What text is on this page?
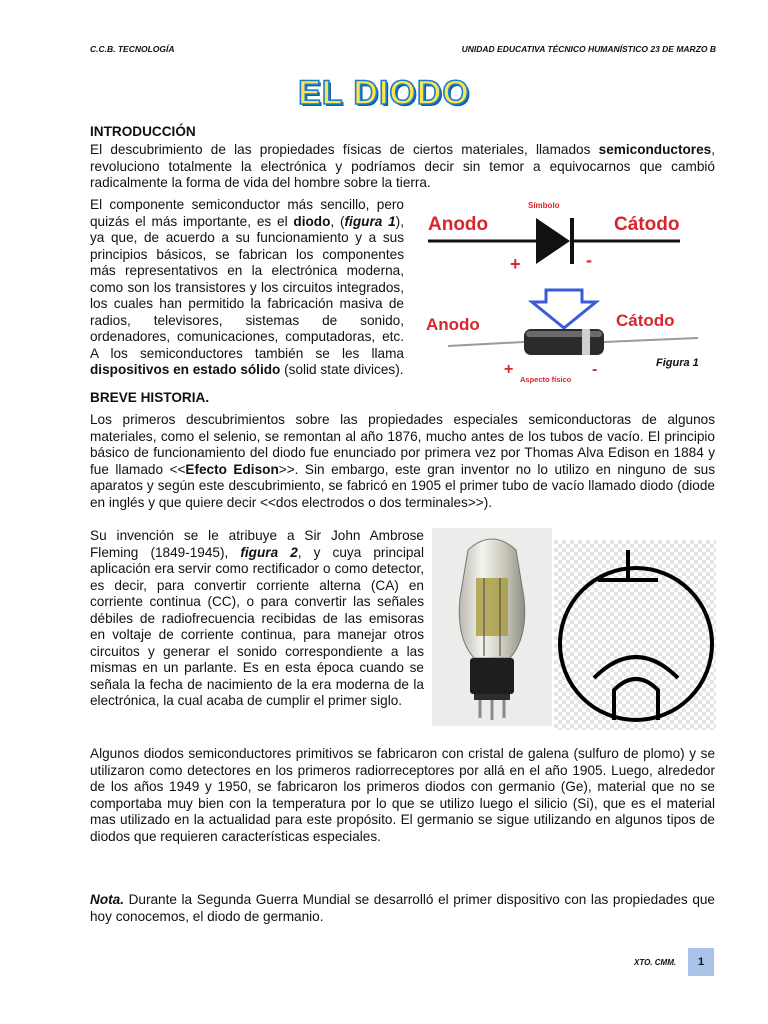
C.C.B. TECNOLOGÍA	UNIDAD EDUCATIVA TÉCNICO HUMANÍSTICO 23 DE MARZO B
EL DIODO
INTRODUCCIÓN

El descubrimiento de las propiedades físicas de ciertos materiales, llamados semiconductores, revoluciono totalmente la electrónica y podríamos decir sin temor a equivocarnos que cambió radicalmente la forma de vida del hombre sobre la tierra.

El componente semiconductor más sencillo, pero quizás el más importante, es el diodo, (figura 1), ya que, de acuerdo a su funcionamiento y a sus principios básicos, se fabrican los componentes más representativos en la electrónica moderna, como son los transistores y los circuitos integrados, los cuales han permitido la fabricación masiva de radios, televisores, sistemas de sonido, ordenadores, comunicaciones, computadoras, etc. A los semiconductores también se les llama dispositivos en estado sólido (solid state divices).

Símbolo
Anodo	Cátodo
+	-
Anodo	Cátodo
+
Aspecto físico
-	Figura 1
BREVE HISTORIA.

Los primeros descubrimientos sobre las propiedades especiales semiconductoras de algunos materiales, como el selenio, se remontan al año 1876, mucho antes de los tubos de vacío. El principio básico de funcionamiento del diodo fue enunciado por primera vez por Thomas Alva Edison en 1884 y fue llamado <<Efecto Edison>>. Sin embargo, este gran inventor no lo utilizo en ninguno de sus aparatos y según este descubrimiento, se fabricó en 1905 el primer tubo de vacío llamado diodo (diode en inglés y que quiere decir <<dos electrodos o dos terminales>>).

Su invención se le atribuye a Sir John Ambrose Fleming (1849-1945), figura 2, y cuya principal aplicación era servir como rectificador o como detector, es decir, para convertir corriente alterna (CA) en corriente continua (CC), o para convertir las señales débiles de radiofrecuencia recibidas de las emisoras en voltaje de corriente continua, para manejar otros circuitos y generar el sonido correspondiente a las mismas en un parlante. Es en esta época cuando se señala la fecha de nacimiento de la era moderna de la electrónica, la cual acaba de cumplir el primer siglo.

Algunos diodos semiconductores primitivos se fabricaron con cristal de galena (sulfuro de plomo) y se utilizaron como detectores en los primeros radiorreceptores por allá en el año 1905. Luego, alrededor de los años 1949 y 1950, se fabricaron los primeros diodos con germanio (Ge), material que no se comportaba muy bien con la temperatura por lo que se utilizo luego el silicio (Si), que es el material mas utilizado en la actualidad para este propósito. El germanio se sigue utilizando en algunos tipos de diodos que requieren características especiales.

Nota. Durante la Segunda Guerra Mundial se desarrolló el primer dispositivo con las propiedades que hoy conocemos, el diodo de germanio.

XTO. CMM.	1
